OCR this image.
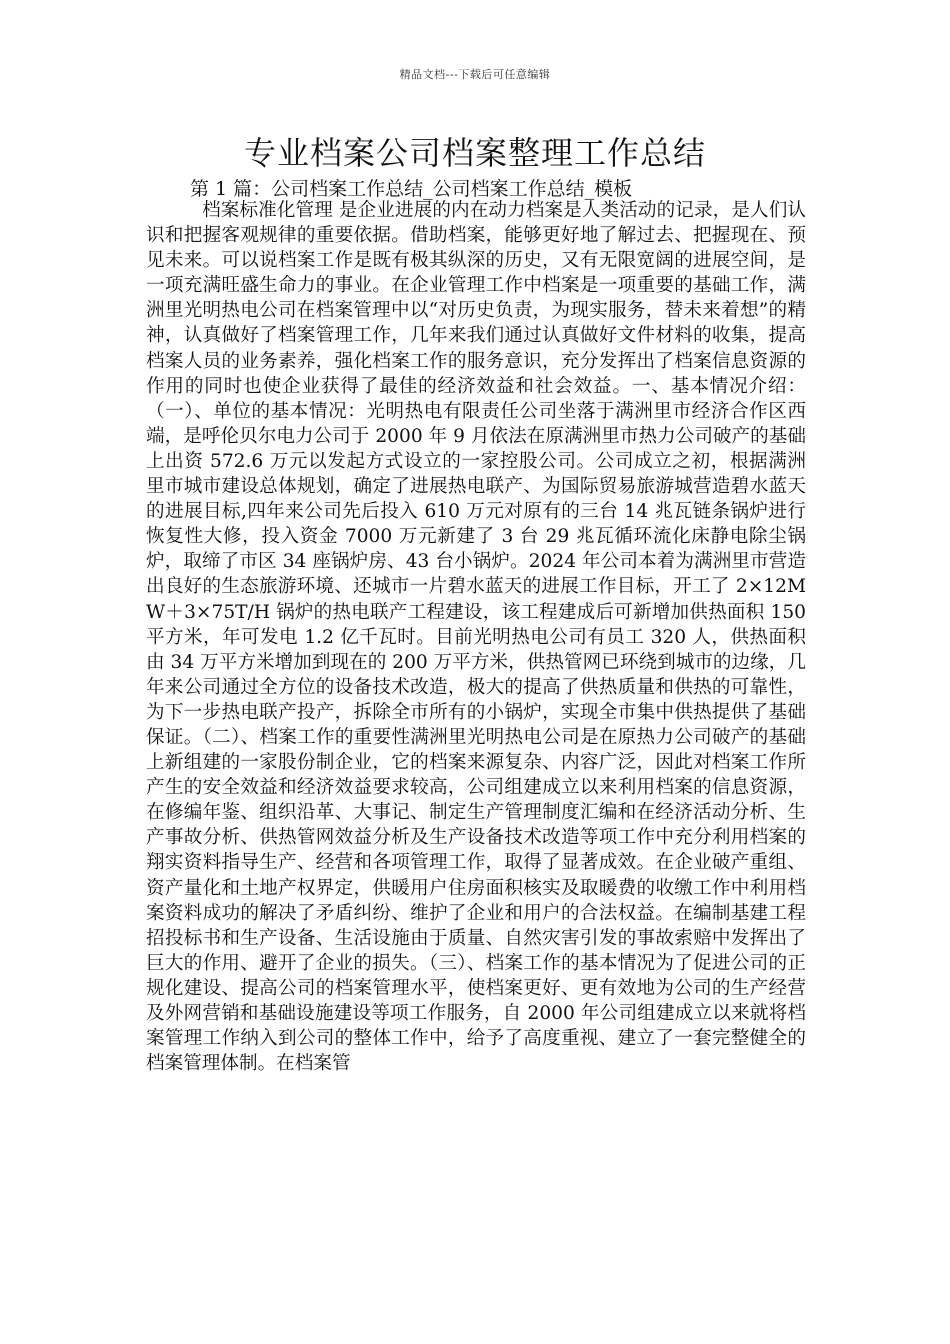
精品文档---下载后可任意编辑
专业档案公司档案整理工作总结
第 1 篇：公司档案工作总结_公司档案工作总结_模板

档案标准化管理 是企业进展的内在动力档案是人类活动的记录，是人们认识和把握客观规律的重要依据。借助档案，能够更好地了解过去、把握现在、预见未来。可以说档案工作是既有极其纵深的历史，又有无限宽阔的进展空间，是一项充满旺盛生命力的事业。在企业管理工作中档案是一项重要的基础工作，满洲里光明热电公司在档案管理中以“对历史负责，为现实服务，替未来着想”的精神，认真做好了档案管理工作，几年来我们通过认真做好文件材料的收集，提高档案人员的业务素养，强化档案工作的服务意识，充分发挥出了档案信息资源的作用的同时也使企业获得了最佳的经济效益和社会效益。一、基本情况介绍：（一）、单位的基本情况：光明热电有限责任公司坐落于满洲里市经济合作区西端，是呼伦贝尔电力公司于 2000 年 9 月依法在原满洲里市热力公司破产的基础上出资 572.6 万元以发起方式设立的一家控股公司。公司成立之初，根据满洲里市城市建设总体规划，确定了进展热电联产、为国际贸易旅游城营造碧水蓝天的进展目标,四年来公司先后投入 610 万元对原有的三台 14 兆瓦链条锅炉进行恢复性大修，投入资金 7000 万元新建了 3 台 29 兆瓦循环流化床静电除尘锅炉，取缔了市区 34 座锅炉房、43 台小锅炉。2024 年公司本着为满洲里市营造出良好的生态旅游环境、还城市一片碧水蓝天的进展工作目标，开工了 2×12MW＋3×75T/H 锅炉的热电联产工程建设，该工程建成后可新增加供热面积 150 平方米，年可发电 1.2 亿千瓦时。目前光明热电公司有员工 320 人，供热面积由 34 万平方米增加到现在的 200 万平方米，供热管网已环绕到城市的边缘，几年来公司通过全方位的设备技术改造，极大的提高了供热质量和供热的可靠性，为下一步热电联产投产，拆除全市所有的小锅炉，实现全市集中供热提供了基础保证。（二）、档案工作的重要性满洲里光明热电公司是在原热力公司破产的基础上新组建的一家股份制企业，它的档案来源复杂、内容广泛，因此对档案工作所产生的安全效益和经济效益要求较高，公司组建成立以来利用档案的信息资源，在修编年鉴、组织沿革、大事记、制定生产管理制度汇编和在经济活动分析、生产事故分析、供热管网效益分析及生产设备技术改造等项工作中充分利用档案的翔实资料指导生产、经营和各项管理工作，取得了显著成效。在企业破产重组、资产量化和土地产权界定，供暖用户住房面积核实及取暖费的收缴工作中利用档案资料成功的解决了矛盾纠纷、维护了企业和用户的合法权益。在编制基建工程招投标书和生产设备、生活设施由于质量、自然灾害引发的事故索赔中发挥出了巨大的作用、避开了企业的损失。（三）、档案工作的基本情况为了促进公司的正规化建设、提高公司的档案管理水平，使档案更好、更有效地为公司的生产经营及外网营销和基础设施建设等项工作服务，自 2000 年公司组建成立以来就将档案管理工作纳入到公司的整体工作中，给予了高度重视、建立了一套完整健全的档案管理体制。在档案管
